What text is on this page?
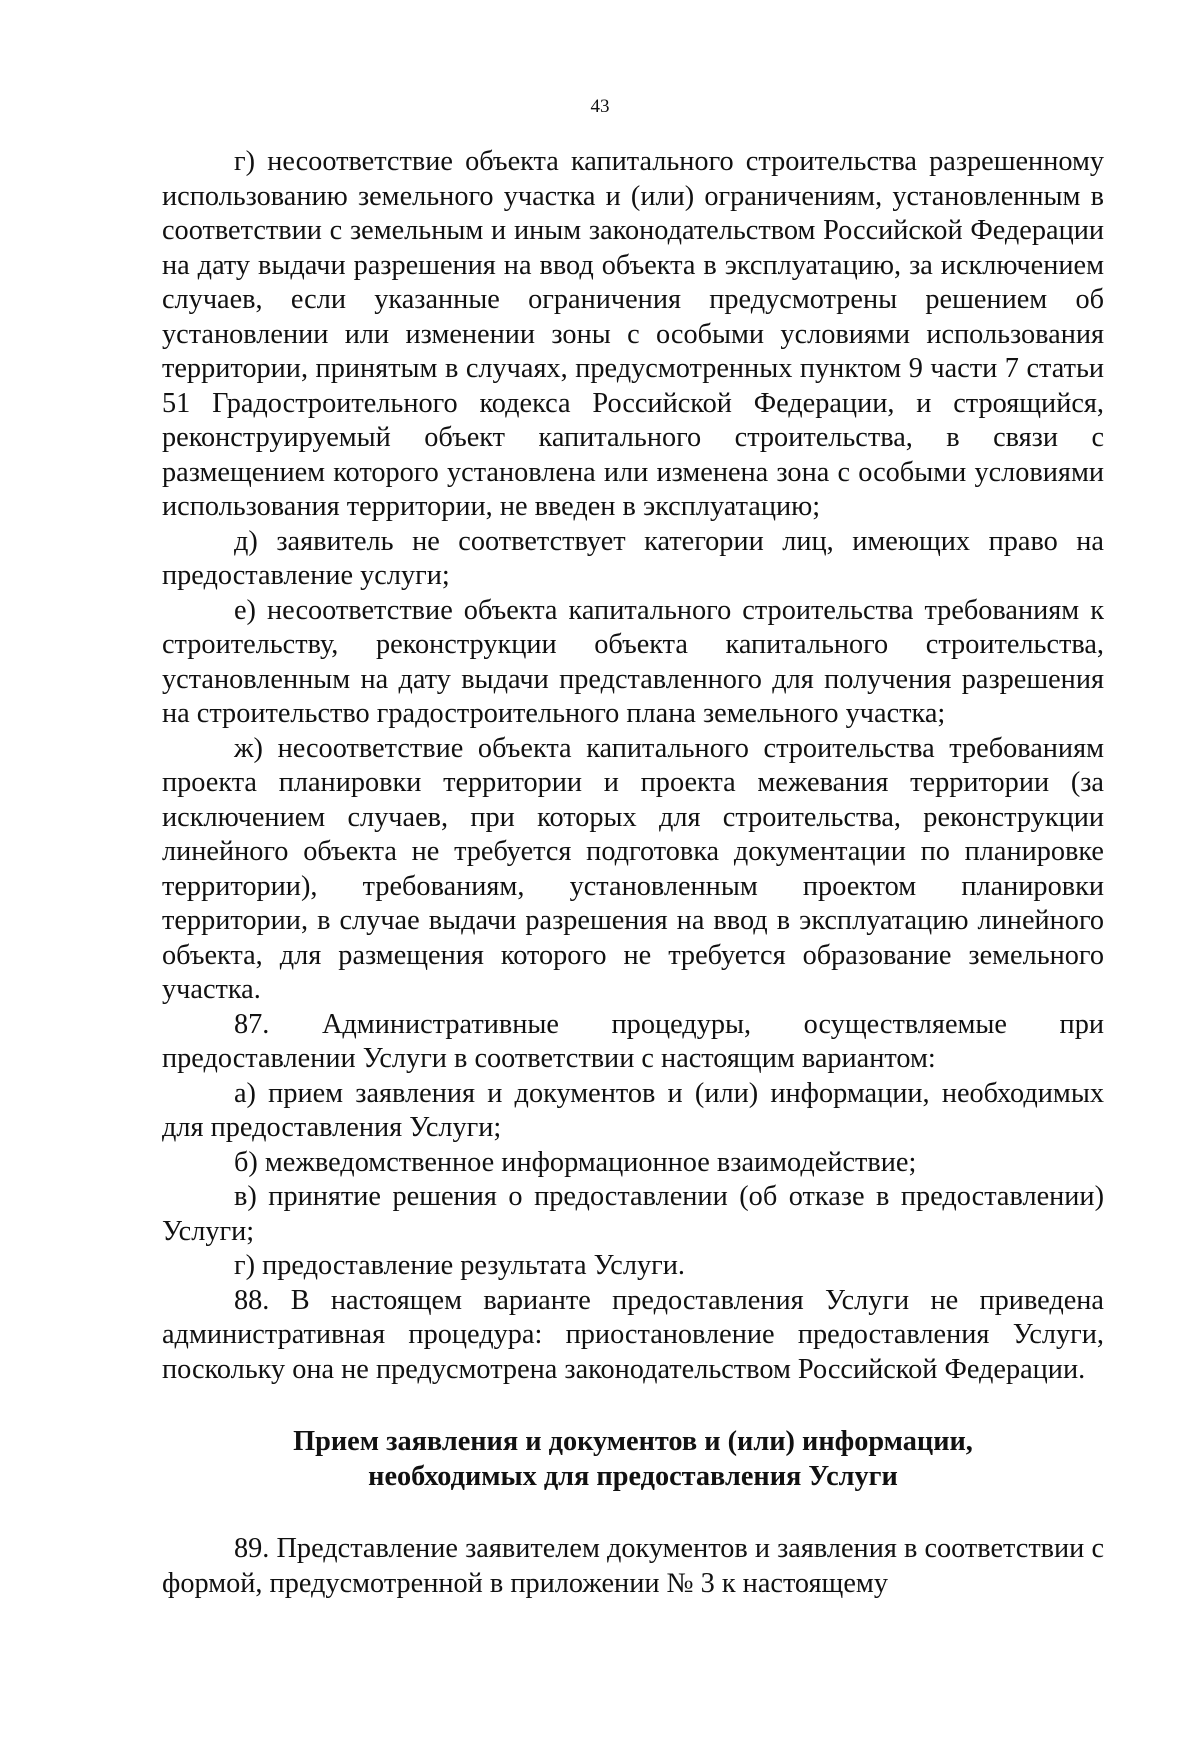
43

г) несоответствие объекта капитального строительства разрешенному использованию земельного участка и (или) ограничениям, установленным в соответствии с земельным и иным законодательством Российской Федерации на дату выдачи разрешения на ввод объекта в эксплуатацию, за исключением случаев, если указанные ограничения предусмотрены решением об установлении или изменении зоны с особыми условиями использования территории, принятым в случаях, предусмотренных пунктом 9 части 7 статьи 51 Градостроительного кодекса Российской Федерации, и строящийся, реконструируемый объект капитального строительства, в связи с размещением которого установлена или изменена зона с особыми условиями использования территории, не введен в эксплуатацию;

д) заявитель не соответствует категории лиц, имеющих право на предоставление услуги;

е) несоответствие объекта капитального строительства требованиям к строительству, реконструкции объекта капитального строительства, установленным на дату выдачи представленного для получения разрешения на строительство градостроительного плана земельного участка;

ж) несоответствие объекта капитального строительства требованиям проекта планировки территории и проекта межевания территории (за исключением случаев, при которых для строительства, реконструкции линейного объекта не требуется подготовка документации по планировке территории), требованиям, установленным проектом планировки территории, в случае выдачи разрешения на ввод в эксплуатацию линейного объекта, для размещения которого не требуется образование земельного участка.

87. Административные процедуры, осуществляемые при предоставлении Услуги в соответствии с настоящим вариантом:

а) прием заявления и документов и (или) информации, необходимых для предоставления Услуги;

б) межведомственное информационное взаимодействие;

в) принятие решения о предоставлении (об отказе в предоставлении) Услуги;

г) предоставление результата Услуги.

88. В настоящем варианте предоставления Услуги не приведена административная процедура: приостановление предоставления Услуги, поскольку она не предусмотрена законодательством Российской Федерации.

Прием заявления и документов и (или) информации,
необходимых для предоставления Услуги

89. Представление заявителем документов и заявления в соответствии с формой, предусмотренной в приложении № 3 к настоящему
